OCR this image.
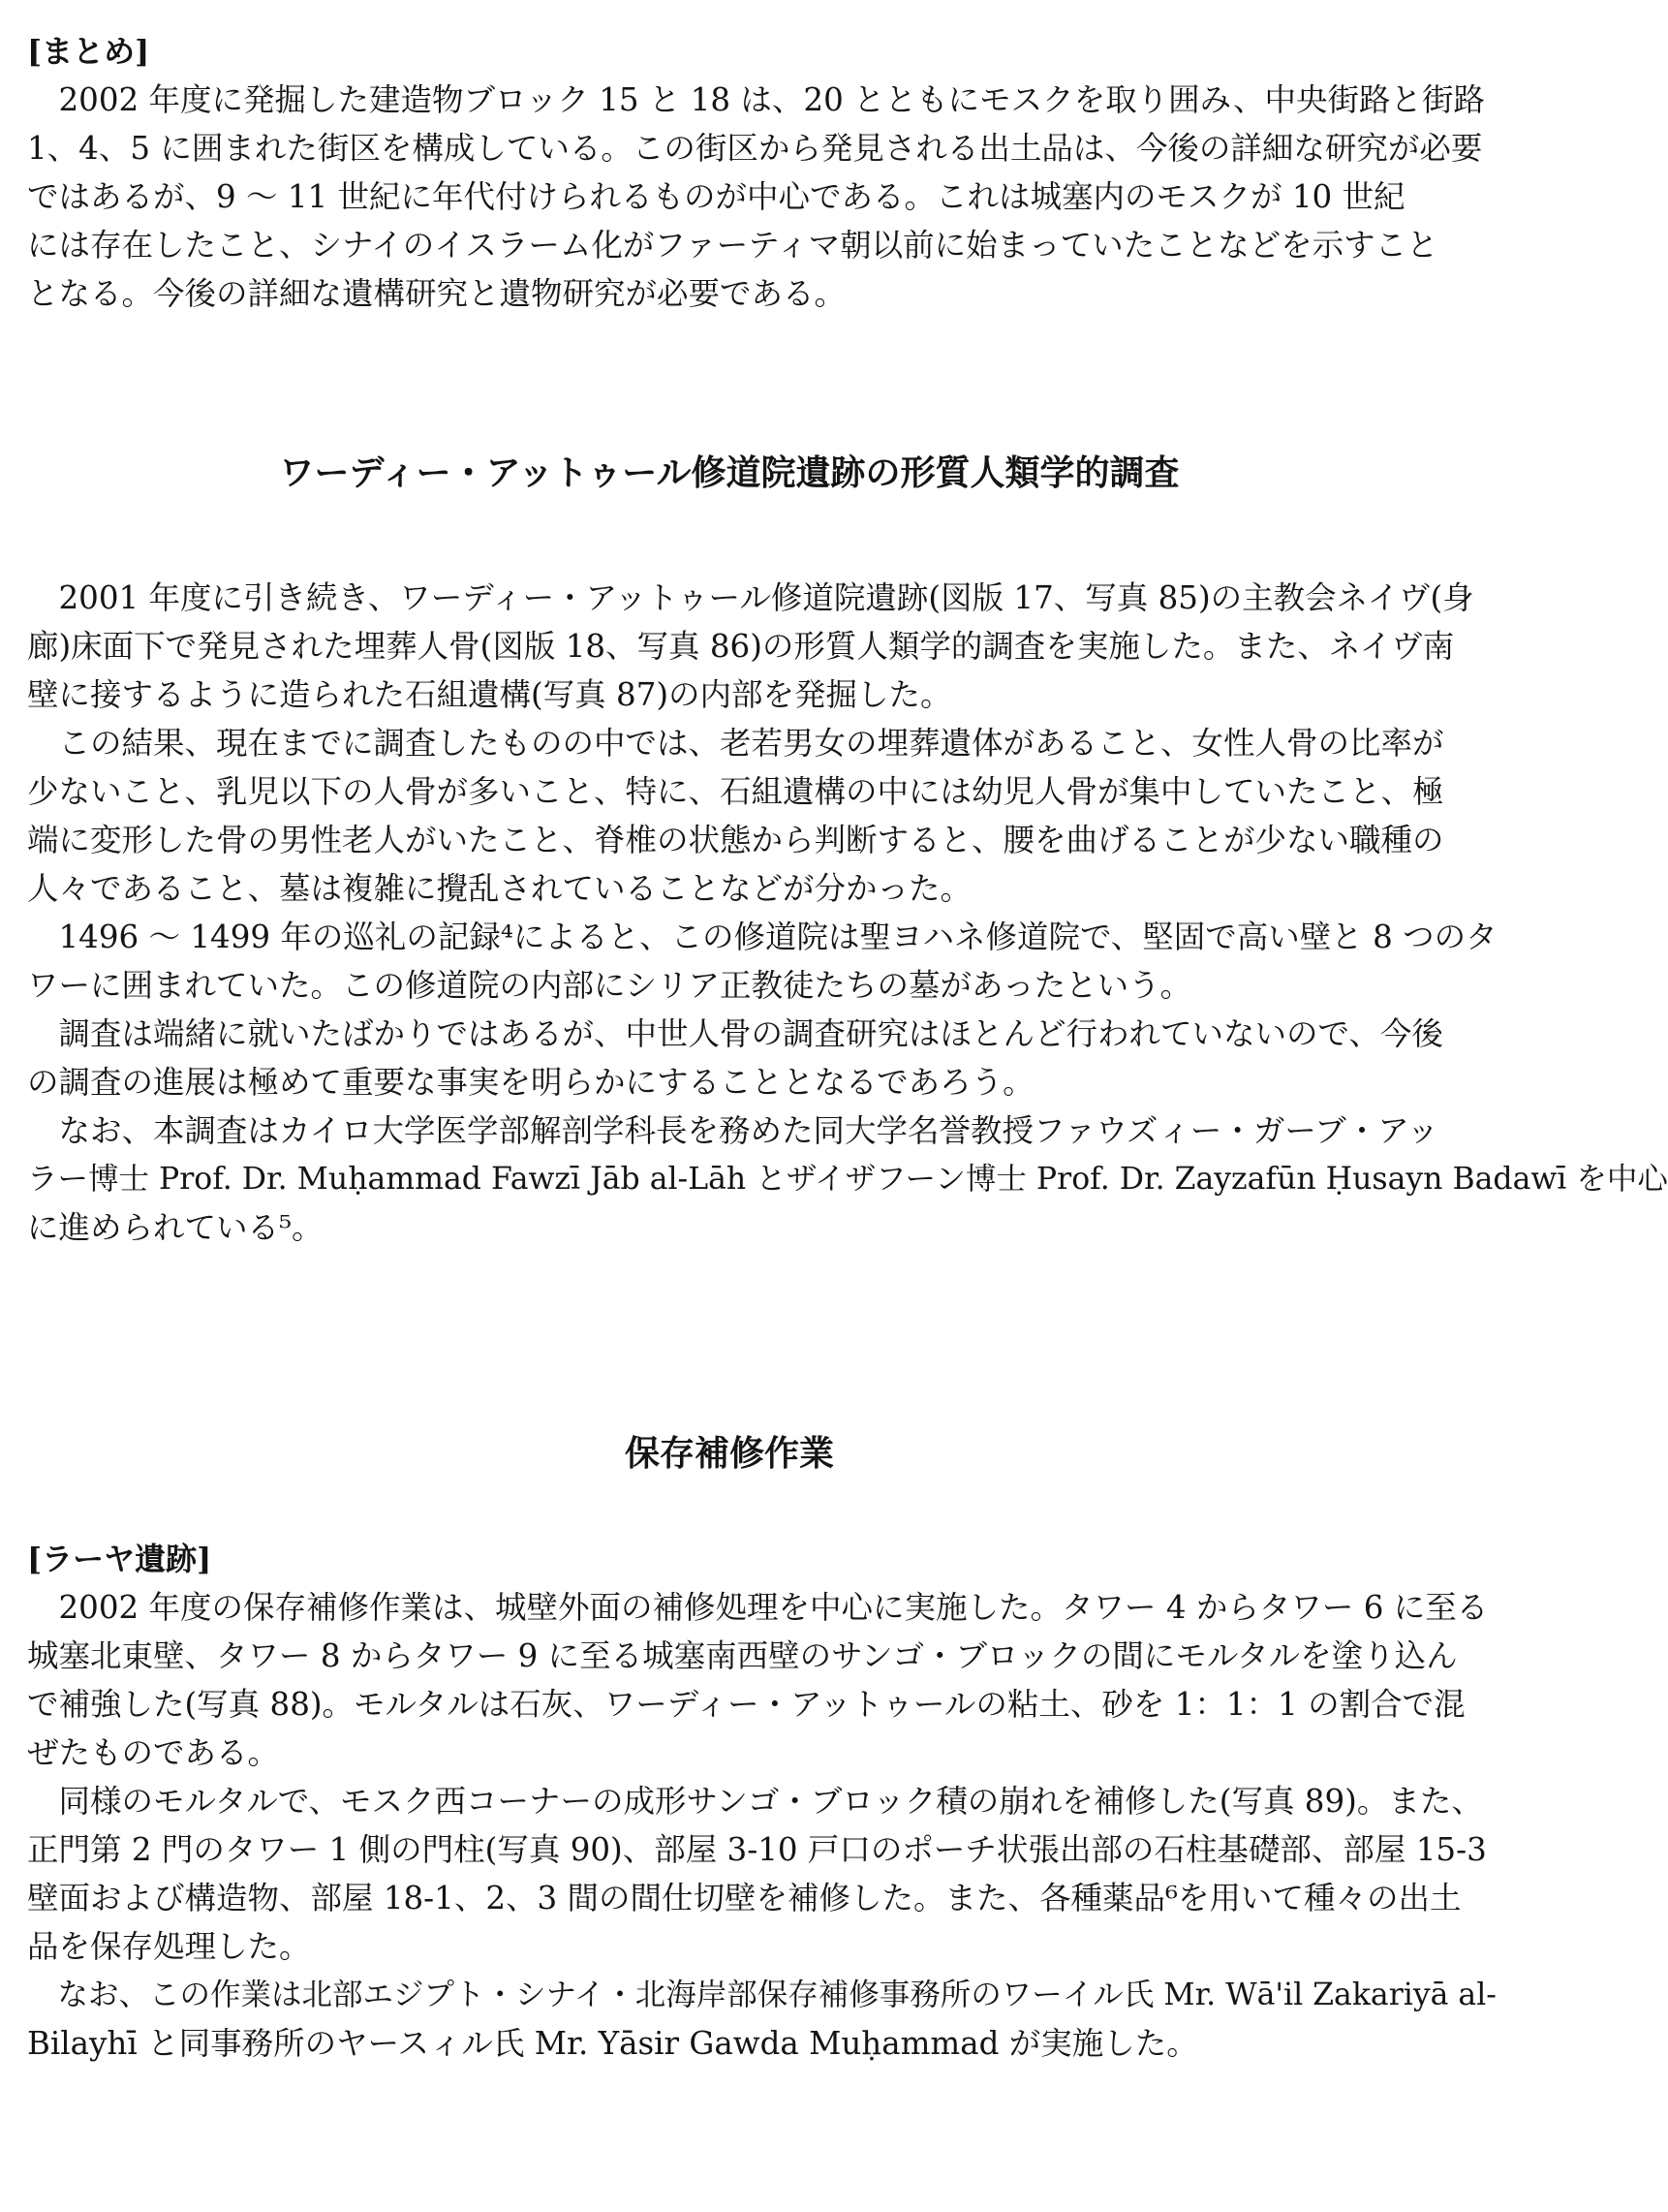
[まとめ]
　2002 年度に発掘した建造物ブロック 15 と 18 は、20 とともにモスクを取り囲み、中央街路と街路
1、4、5 に囲まれた街区を構成している。この街区から発見される出土品は、今後の詳細な研究が必要
ではあるが、9 ～ 11 世紀に年代付けられるものが中心である。これは城塞内のモスクが 10 世紀
には存在したこと、シナイのイスラーム化がファーティマ朝以前に始まっていたことなどを示すこと
となる。今後の詳細な遺構研究と遺物研究が必要である。
ワーディー・アットゥール修道院遺跡の形質人類学的調査
　2001 年度に引き続き、ワーディー・アットゥール修道院遺跡(図版 17、写真 85)の主教会ネイヴ(身
廊)床面下で発見された埋葬人骨(図版 18、写真 86)の形質人類学的調査を実施した。また、ネイヴ南
壁に接するように造られた石組遺構(写真 87)の内部を発掘した。
　この結果、現在までに調査したものの中では、老若男女の埋葬遺体があること、女性人骨の比率が
少ないこと、乳児以下の人骨が多いこと、特に、石組遺構の中には幼児人骨が集中していたこと、極
端に変形した骨の男性老人がいたこと、脊椎の状態から判断すると、腰を曲げることが少ない職種の
人々であること、墓は複雑に攪乱されていることなどが分かった。
　1496 ～ 1499 年の巡礼の記録⁴によると、この修道院は聖ヨハネ修道院で、堅固で高い壁と 8 つのタ
ワーに囲まれていた。この修道院の内部にシリア正教徒たちの墓があったという。
　調査は端緒に就いたばかりではあるが、中世人骨の調査研究はほとんど行われていないので、今後
の調査の進展は極めて重要な事実を明らかにすることとなるであろう。
　なお、本調査はカイロ大学医学部解剖学科長を務めた同大学名誉教授ファウズィー・ガーブ・アッ
ラー博士 Prof. Dr. Muḥammad Fawzī Jāb al-Lāh とザイザフーン博士 Prof. Dr. Zayzafūn Ḥusayn Badawī を中心
に進められている⁵。
保存補修作業
[ラーヤ遺跡]
　2002 年度の保存補修作業は、城壁外面の補修処理を中心に実施した。タワー 4 からタワー 6 に至る
城塞北東壁、タワー 8 からタワー 9 に至る城塞南西壁のサンゴ・ブロックの間にモルタルを塗り込ん
で補強した(写真 88)。モルタルは石灰、ワーディー・アットゥールの粘土、砂を 1：1：1 の割合で混
ぜたものである。
　同様のモルタルで、モスク西コーナーの成形サンゴ・ブロック積の崩れを補修した(写真 89)。また、
正門第 2 門のタワー 1 側の門柱(写真 90)、部屋 3-10 戸口のポーチ状張出部の石柱基礎部、部屋 15-3
壁面および構造物、部屋 18-1、2、3 間の間仕切壁を補修した。また、各種薬品⁶を用いて種々の出土
品を保存処理した。
　なお、この作業は北部エジプト・シナイ・北海岸部保存補修事務所のワーイル氏 Mr. Wā'il Zakariyā al-
Bilayhī と同事務所のヤースィル氏 Mr. Yāsir Gawda Muḥammad が実施した。
